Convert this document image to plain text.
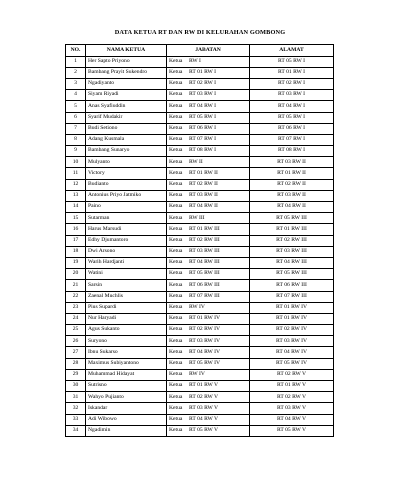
DATA KETUA RT DAN RW DI KELURAHAN GOMBONG
NO.	NAMA KETUA	JABATAN	ALAMAT
1	Her Sapto Priyono	Ketua RW I	RT 05 RW I
2	Bambang Prayit Sukendro	Ketua RT 01 RW I	RT 01 RW I
3	Ngadiyanto	Ketua RT 02 RW I	RT 02 RW I
4	Siyam Riyadi	Ketua RT 03 RW I	RT 03 RW I
5	Anas Syafiuddin	Ketua RT 04 RW I	RT 04 RW I
6	Syarif Mudakir	Ketua RT 05 RW I	RT 05 RW I
7	Budi Setiono	Ketua RT 06 RW I	RT 06 RW I
8	Adang Kusmala	Ketua RT 07 RW I	RT 07 RW I
9	Bambang Sunaryo	Ketua RT 08 RW I	RT 08 RW I
10	Mulyanto	Ketua RW II	RT 03 RW II
11	Victory	Ketua RT 01 RW II	RT 01 RW II
12	Budianto	Ketua RT 02 RW II	RT 02 RW II
13	Antonius Priyo Jatmiko	Ketua RT 03 RW II	RT 03 RW II
14	Paino	Ketua RT 04 RW II	RT 04 RW II
15	Sutarman	Ketua RW III	RT 05 RW III
16	Harus Marsudi	Ketua RT 01 RW III	RT 01 RW III
17	Edhy Djumantoro	Ketua RT 02 RW III	RT 02 RW III
18	Dwi Arsono	Ketua RT 03 RW III	RT 03 RW III
19	Warih Hardjanti	Ketua RT 04 RW III	RT 04 RW III
20	Watini	Ketua RT 05 RW III	RT 05 RW III
21	Sarsin	Ketua RT 06 RW III	RT 06 RW III
22	Zaenal Muchlis	Ketua RT 07 RW III	RT 07 RW III
23	Pius Supardi	Ketua RW IV	RT 01 RW IV
24	Nur Haryadi	Ketua RT 01 RW IV	RT 01 RW IV
25	Agus Sukanto	Ketua RT 02 RW IV	RT 02 RW IV
26	Suryono	Ketua RT 03 RW IV	RT 03 RW IV
27	Ibnu Sukarso	Ketua RT 04 RW IV	RT 04 RW IV
28	Maximus Subiyantono	Ketua RT 05 RW IV	RT 05 RW IV
29	Muhammad Hidayat	Ketua RW IV	RT 02 RW V
30	Sutrisno	Ketua RT 01 RW V	RT 01 RW V
31	Wahyo Pujianto	Ketua RT 02 RW V	RT 02 RW V
32	Iskandar	Ketua RT 03 RW V	RT 03 RW V
33	Adi Wibowo	Ketua RT 04 RW V	RT 04 RW V
34	Ngadimin	Ketua RT 05 RW V	RT 05 RW V
